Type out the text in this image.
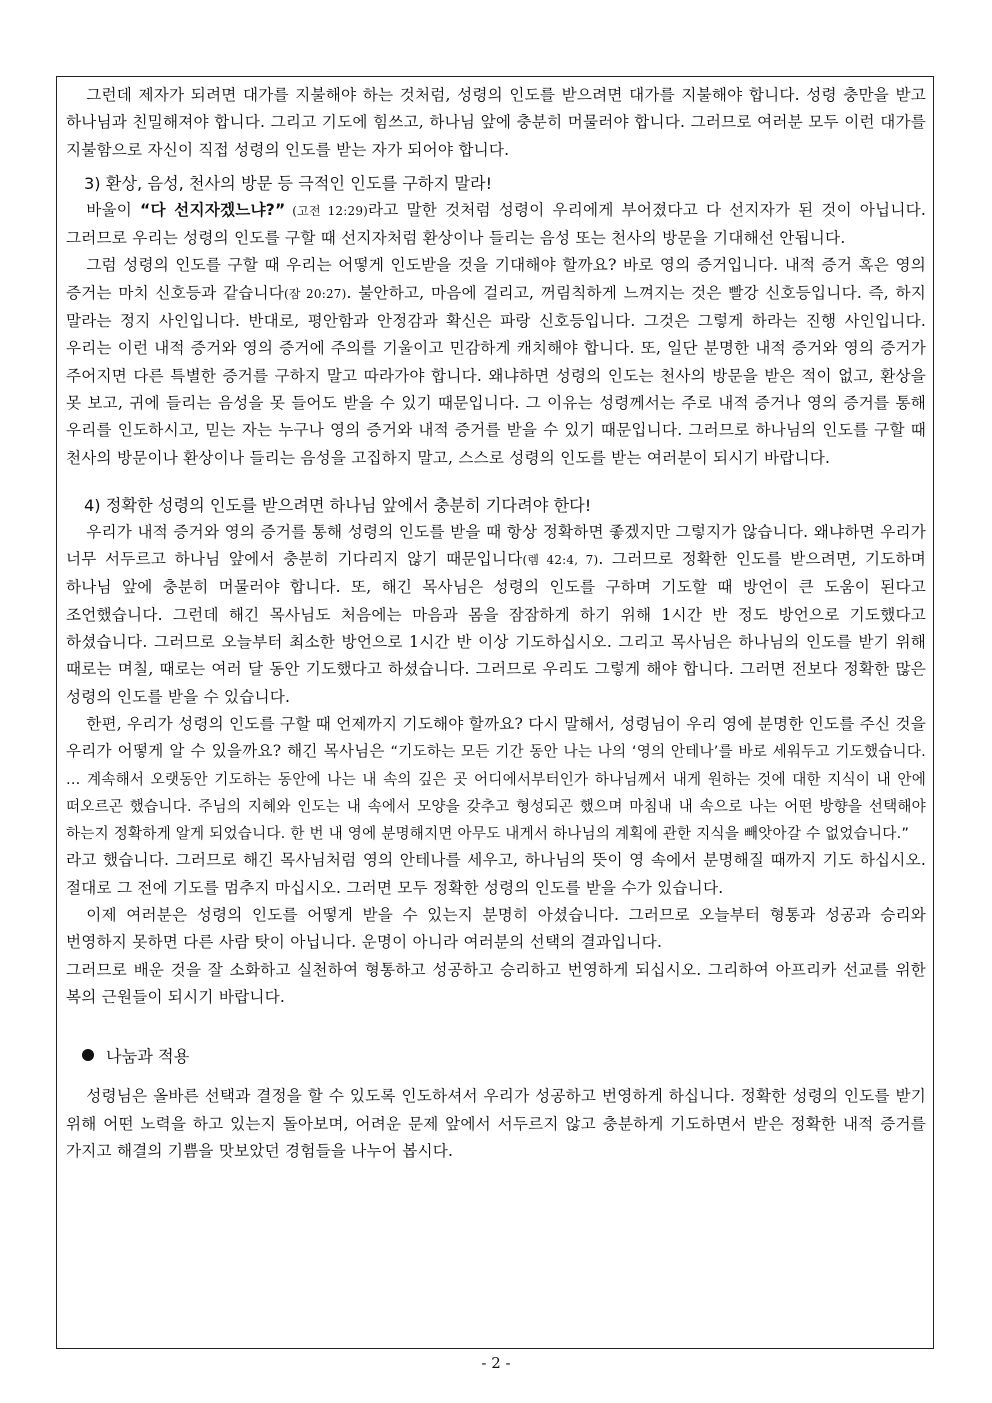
그런데 제자가 되려면 대가를 지불해야 하는 것처럼, 성령의 인도를 받으려면 대가를 지불해야 합니다. 성령 충만을 받고 하나님과 친밀해져야 합니다. 그리고 기도에 힘쓰고, 하나님 앞에 충분히 머물러야 합니다. 그러므로 여러분 모두 이런 대가를 지불함으로 자신이 직접 성령의 인도를 받는 자가 되어야 합니다.

3) 환상, 음성, 천사의 방문 등 극적인 인도를 구하지 말라!

바울이 “다 선지자겠느냐?” (고전 12:29)라고 말한 것처럼 성령이 우리에게 부어졌다고 다 선지자가 된 것이 아닙니다. 그러므로 우리는 성령의 인도를 구할 때 선지자처럼 환상이나 들리는 음성 또는 천사의 방문을 기대해선 안됩니다.

그럼 성령의 인도를 구할 때 우리는 어떻게 인도받을 것을 기대해야 할까요? 바로 영의 증거입니다. 내적 증거 혹은 영의 증거는 마치 신호등과 같습니다(잠 20:27). 불안하고, 마음에 걸리고, 꺼림칙하게 느껴지는 것은 빨강 신호등입니다. 즉, 하지 말라는 정지 사인입니다. 반대로, 평안함과 안정감과 확신은 파랑 신호등입니다. 그것은 그렇게 하라는 진행 사인입니다. 우리는 이런 내적 증거와 영의 증거에 주의를 기울이고 민감하게 캐치해야 합니다. 또, 일단 분명한 내적 증거와 영의 증거가 주어지면 다른 특별한 증거를 구하지 말고 따라가야 합니다. 왜냐하면 성령의 인도는 천사의 방문을 받은 적이 없고, 환상을 못 보고, 귀에 들리는 음성을 못 들어도 받을 수 있기 때문입니다. 그 이유는 성령께서는 주로 내적 증거나 영의 증거를 통해 우리를 인도하시고, 믿는 자는 누구나 영의 증거와 내적 증거를 받을 수 있기 때문입니다. 그러므로 하나님의 인도를 구할 때 천사의 방문이나 환상이나 들리는 음성을 고집하지 말고, 스스로 성령의 인도를 받는 여러분이 되시기 바랍니다.

4) 정확한 성령의 인도를 받으려면 하나님 앞에서 충분히 기다려야 한다!

우리가 내적 증거와 영의 증거를 통해 성령의 인도를 받을 때 항상 정확하면 좋겠지만 그렇지가 않습니다. 왜냐하면 우리가 너무 서두르고 하나님 앞에서 충분히 기다리지 않기 때문입니다(렘 42:4, 7). 그러므로 정확한 인도를 받으려면, 기도하며 하나님 앞에 충분히 머물러야 합니다. 또, 해긴 목사님은 성령의 인도를 구하며 기도할 때 방언이 큰 도움이 된다고 조언했습니다. 그런데 해긴 목사님도 처음에는 마음과 몸을 잠잠하게 하기 위해 1시간 반 정도 방언으로 기도했다고 하셨습니다. 그러므로 오늘부터 최소한 방언으로 1시간 반 이상 기도하십시오. 그리고 목사님은 하나님의 인도를 받기 위해 때로는 며칠, 때로는 여러 달 동안 기도했다고 하셨습니다. 그러므로 우리도 그렇게 해야 합니다. 그러면 전보다 정확한 많은 성령의 인도를 받을 수 있습니다.

한편, 우리가 성령의 인도를 구할 때 언제까지 기도해야 할까요? 다시 말해서, 성령님이 우리 영에 분명한 인도를 주신 것을 우리가 어떻게 알 수 있을까요? 해긴 목사님은 “기도하는 모든 기간 동안 나는 나의 ‘영의 안테나’를 바로 세워두고 기도했습니다. ... 계속해서 오랫동안 기도하는 동안에 나는 내 속의 깊은 곳 어디에서부터인가 하나님께서 내게 원하는 것에 대한 지식이 내 안에 떠오르곤 했습니다. 주님의 지혜와 인도는 내 속에서 모양을 갖추고 형성되곤 했으며 마침내 내 속으로 나는 어떤 방향을 선택해야 하는지 정확하게 알게 되었습니다. 한 번 내 영에 분명해지면 아무도 내게서 하나님의 계획에 관한 지식을 빼앗아갈 수 없었습니다.”

라고 했습니다. 그러므로 해긴 목사님처럼 영의 안테나를 세우고, 하나님의 뜻이 영 속에서 분명해질 때까지 기도 하십시오. 절대로 그 전에 기도를 멈추지 마십시오. 그러면 모두 정확한 성령의 인도를 받을 수가 있습니다.

이제 여러분은 성령의 인도를 어떻게 받을 수 있는지 분명히 아셨습니다. 그러므로 오늘부터 형통과 성공과 승리와 번영하지 못하면 다른 사람 탓이 아닙니다. 운명이 아니라 여러분의 선택의 결과입니다.

그러므로 배운 것을 잘 소화하고 실천하여 형통하고 성공하고 승리하고 번영하게 되십시오. 그리하여 아프리카 선교를 위한 복의 근원들이 되시기 바랍니다.

나눔과 적용

성령님은 올바른 선택과 결정을 할 수 있도록 인도하셔서 우리가 성공하고 번영하게 하십니다. 정확한 성령의 인도를 받기 위해 어떤 노력을 하고 있는지 돌아보며, 어려운 문제 앞에서 서두르지 않고 충분하게 기도하면서 받은 정확한 내적 증거를 가지고 해결의 기쁨을 맛보았던 경험들을 나누어 봅시다.

- 2 -
